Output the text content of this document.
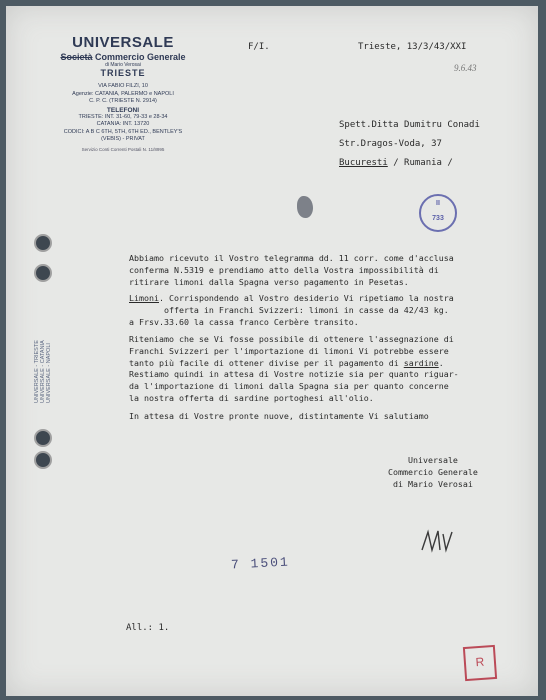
UNIVERSALE
Società Commercio Generale
di Mario Verosai
TRIESTE
VIA FABIO FILZI, 10
Agenzie: CATANIA, PALERMO e NAPOLI
C. P. C. (TRIESTE N. 2914)
TELEFONI
TRIESTE: INT. 31-60, 79-33 e 28-34
CATANIA: INT. 13720
CODICI: A B C 6TH, 5TH, 6TH ED., BENTLEY'S
(VEBIS) - PRIVAT
Servizio Conti Correnti Postali N. 11/8995
F/I.	Trieste, 13/3/43/XXI
9.6.43
Spett.Ditta Dumitru Conadi
Str.Dragos-Voda, 37
Bucuresti / Rumania /
II
733
Abbiamo ricevuto il Vostro telegramma dd. 11 corr. come d'acclusa
conferma N.5319 e prendiamo atto della Vostra impossibilità di
ritirare limoni dalla Spagna verso pagamento in Pesetas.
Limoni. Corrispondendo al Vostro desiderio Vi ripetiamo la nostra
offerta in Franchi Svizzeri: limoni in casse da 42/43 kg.
a Frsv.33.60 la cassa franco Cerbère transito.
Riteniamo che se Vi fosse possibile di ottenere l'assegnazione di
Franchi Svizzeri per l'importazione di limoni Vi potrebbe essere
tanto più facile di ottener divise per il pagamento di sardine.
Restiamo quindi in attesa di Vostre notizie sia per quanto riguar-
da l'importazione di limoni dalla Spagna sia per quanto concerne
la nostra offerta di sardine portoghesi all'olio.
In attesa di Vostre pronte nuove, distintamente Vi salutiamo
Universale
Commercio Generale
di Mario Verosai
7 1501
All.: 1.
R
UNIVERSALE - TRIESTE UNIVERSALE - CATANIA UNIVERSALE - NAPOLI
